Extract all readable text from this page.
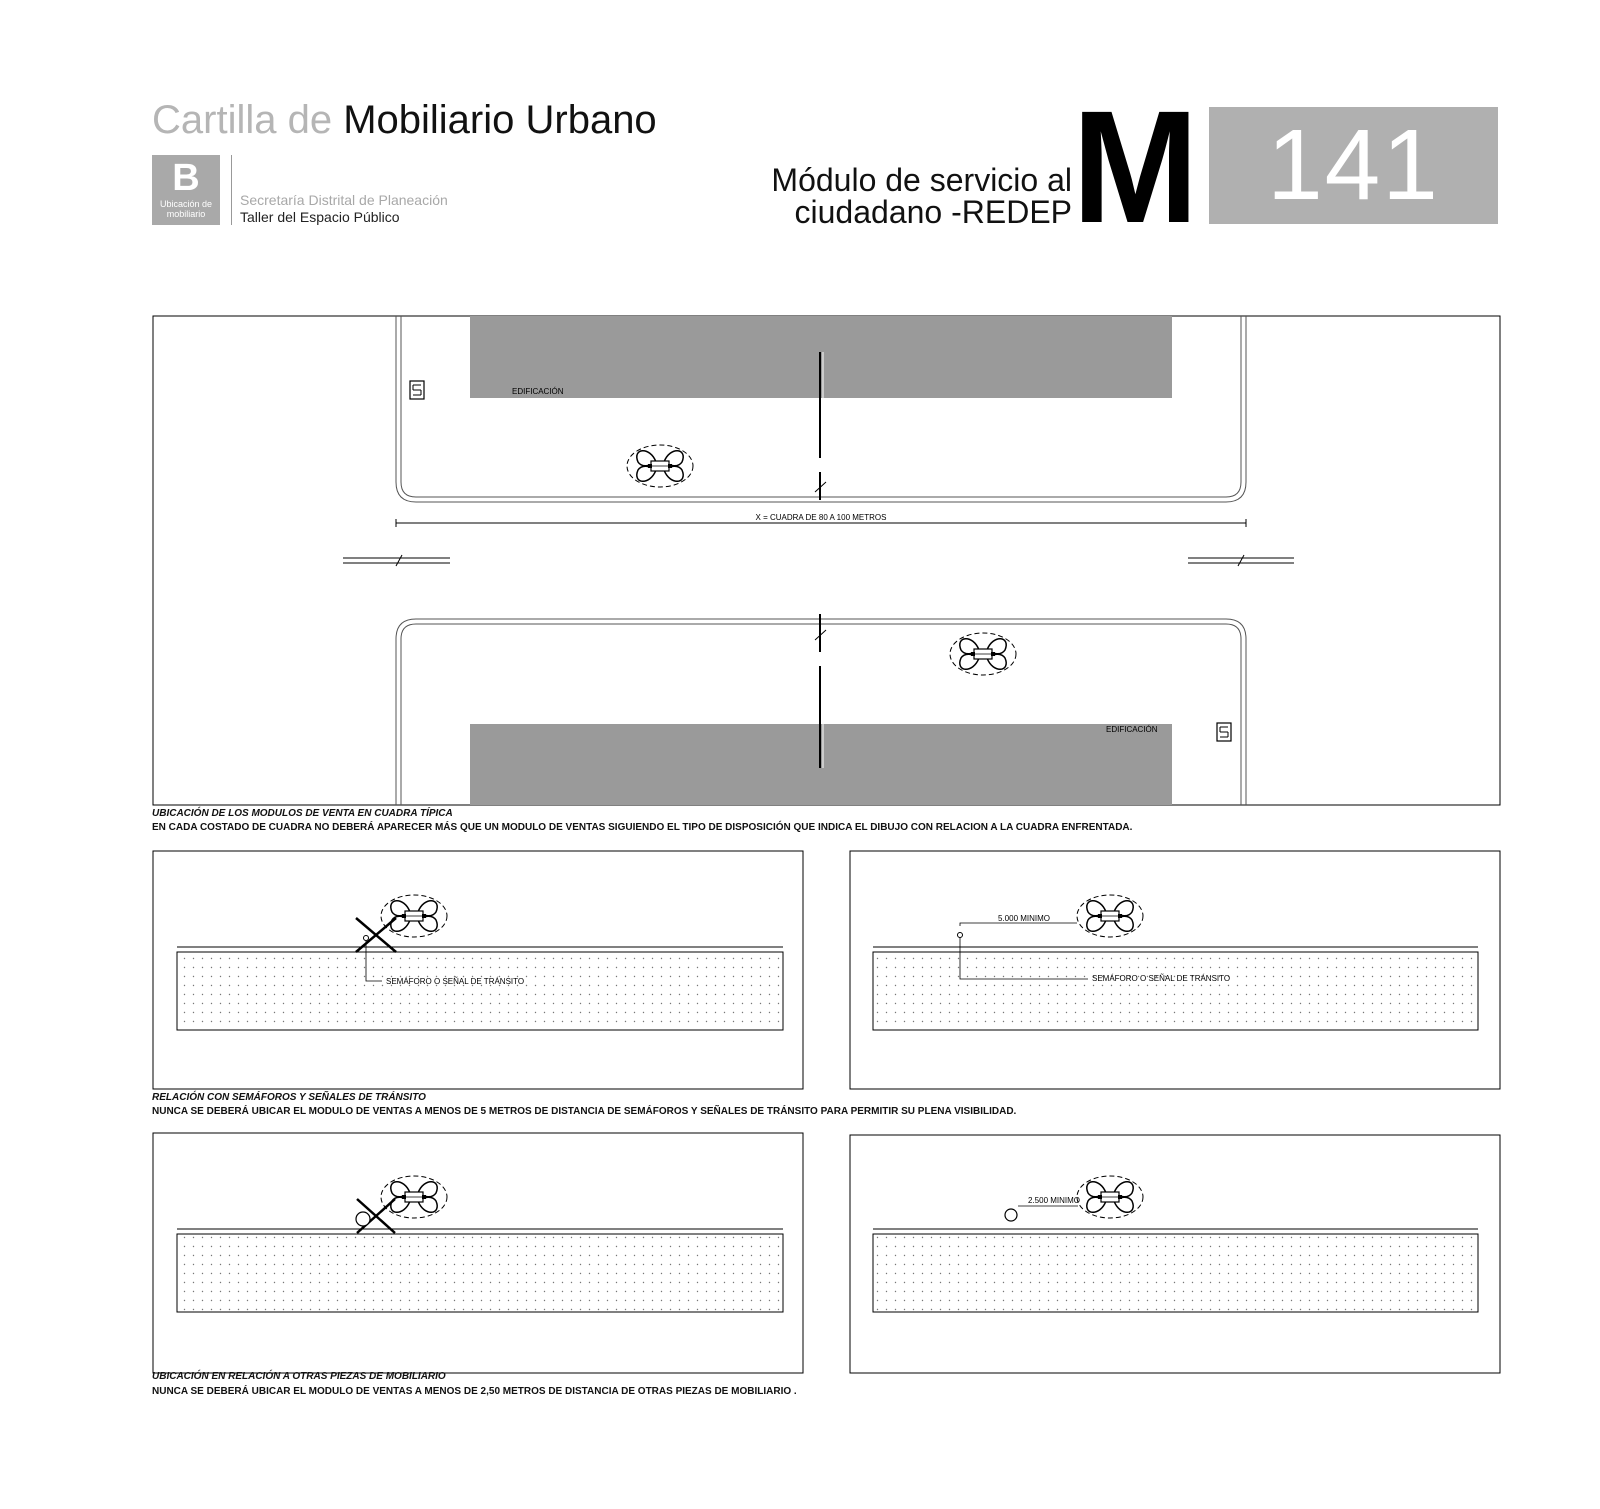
Cartilla de Mobiliario Urbano
B
Ubicación de mobiliario
Secretaría Distrital de Planeación
Taller del Espacio Público
Módulo de servicio al
ciudadano -REDEP M 141
EDIFICACIÓN
X = CUADRA DE 80 A 100 METROS
EDIFICACIÓN
SEMÁFORO O SEÑAL DE TRÁNSITO
5.000 MINIMO
SEMÁFORO O SEÑAL DE TRÁNSITO
2.500 MINIMO
UBICACIÓN DE LOS MODULOS DE VENTA EN CUADRA TÍPICA
EN CADA COSTADO DE CUADRA NO DEBERÁ APARECER MÁS QUE UN MODULO DE VENTAS SIGUIENDO EL TIPO DE DISPOSICIÓN QUE INDICA EL DIBUJO CON RELACION A LA CUADRA ENFRENTADA.
RELACIÓN CON SEMÁFOROS Y SEÑALES DE TRÁNSITO
NUNCA SE DEBERÁ UBICAR EL MODULO DE VENTAS A MENOS DE 5 METROS DE DISTANCIA DE SEMÁFOROS Y SEÑALES DE TRÁNSITO PARA PERMITIR SU PLENA VISIBILIDAD.
UBICACIÓN EN RELACIÓN A OTRAS PIEZAS DE MOBILIARIO
NUNCA SE DEBERÁ UBICAR EL MODULO DE VENTAS A MENOS DE 2,50 METROS DE DISTANCIA DE OTRAS PIEZAS DE MOBILIARIO .
